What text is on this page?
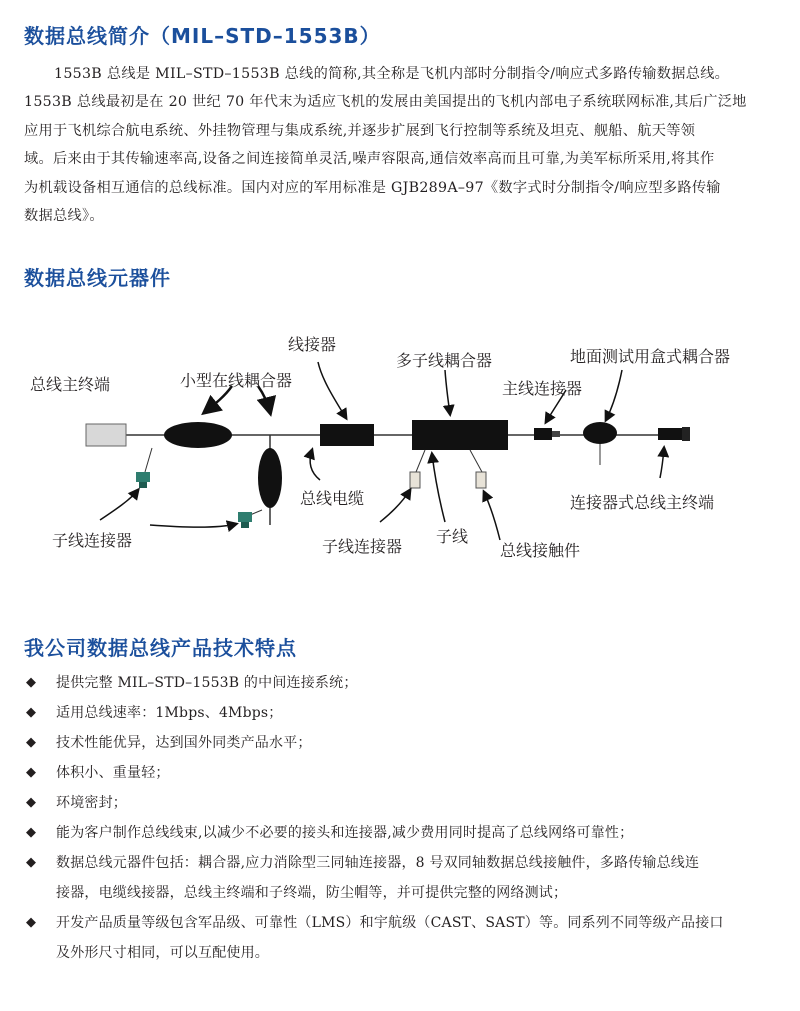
数据总线简介（MIL–STD–1553B）
1553B 总线是 MIL–STD–1553B 总线的简称,其全称是飞机内部时分制指令/响应式多路传输数据总线。
1553B 总线最初是在 20 世纪 70 年代末为适应飞机的发展由美国提出的飞机内部电子系统联网标准,其后广泛地
应用于飞机综合航电系统、外挂物管理与集成系统,并逐步扩展到飞行控制等系统及坦克、舰船、航天等领
域。后来由于其传输速率高,设备之间连接简单灵活,噪声容限高,通信效率高而且可靠,为美军标所采用,将其作
为机载设备相互通信的总线标准。国内对应的军用标准是 GJB289A–97《数字式时分制指令/响应型多路传输
数据总线》。
数据总线元器件
总线主终端	小型在线耦合器
线接器
多子线耦合器	地面测试用盒式耦合器
主线连接器
子线连接器
总线电缆
子线连接器
子线
总线接触件
连接器式总线主终端
我公司数据总线产品技术特点
◆ 提供完整 MIL–STD–1553B 的中间连接系统；
◆ 适用总线速率：1Mbps、4Mbps；
◆ 技术性能优异，达到国外同类产品水平；
◆ 体积小、重量轻；
◆ 环境密封；
◆ 能为客户制作总线线束,以减少不必要的接头和连接器,减少费用同时提高了总线网络可靠性；
◆ 数据总线元器件包括：耦合器,应力消除型三同轴连接器，8 号双同轴数据总线接触件，多路传输总线连
接器，电缆线接器，总线主终端和子终端，防尘帽等，并可提供完整的网络测试；
◆ 开发产品质量等级包含军品级、可靠性（LMS）和宇航级（CAST、SAST）等。同系列不同等级产品接口
及外形尺寸相同，可以互配使用。
